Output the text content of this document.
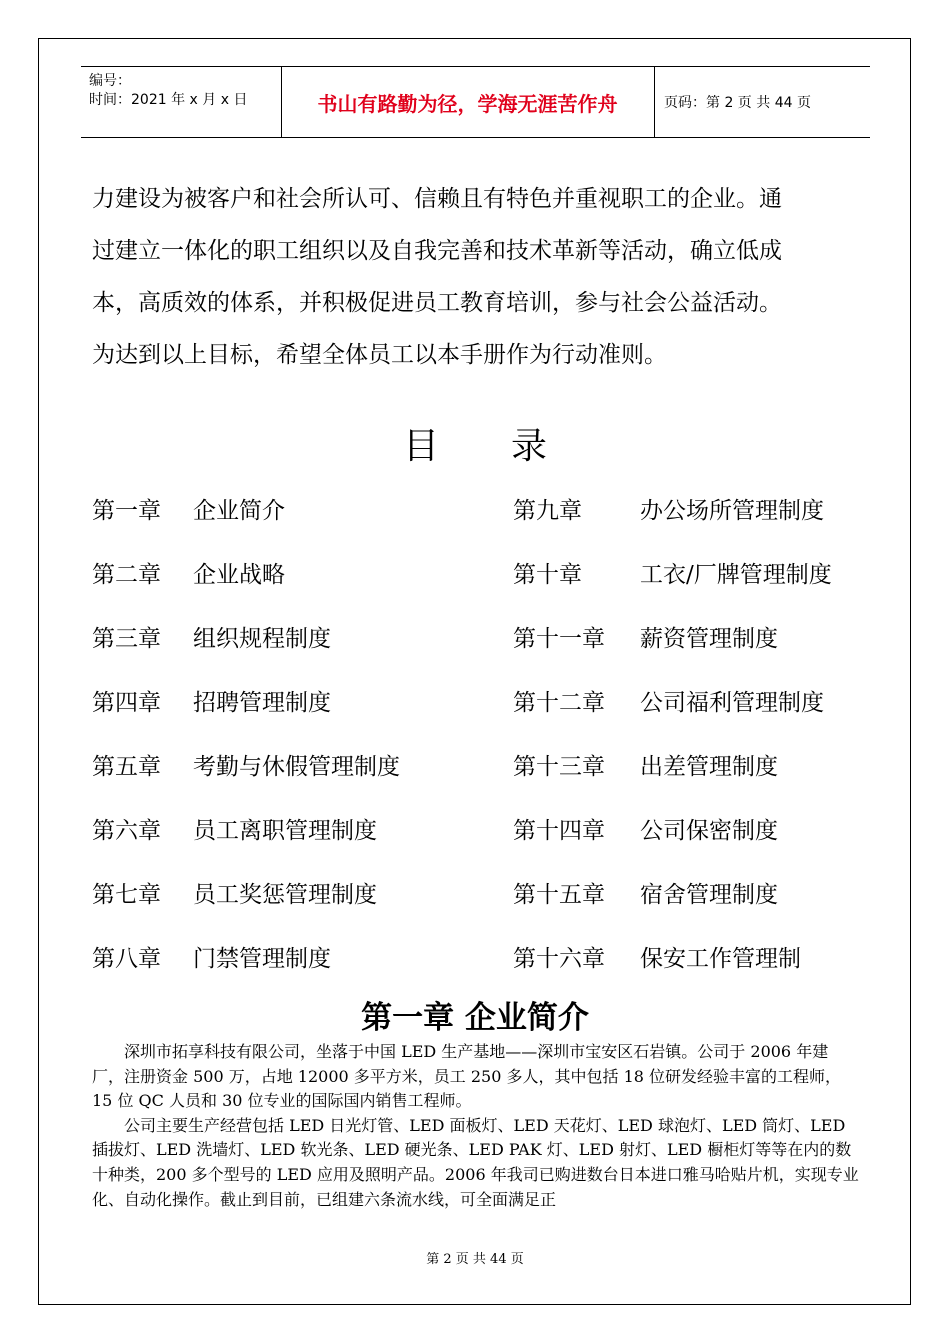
编号：
时间：2021 年 x 月 x 日	书山有路勤为径，学海无涯苦作舟	页码：第 2 页 共 44 页

力建设为被客户和社会所认可、信赖且有特色并重视职工的企业。通

过建立一体化的职工组织以及自我完善和技术革新等活动，确立低成

本，高质效的体系，并积极促进员工教育培训，参与社会公益活动。

为达到以上目标，希望全体员工以本手册作为行动准则。

目录
第一章 企业简介
第二章 企业战略
第三章 组织规程制度
第四章 招聘管理制度
第五章 考勤与休假管理制度
第六章 员工离职管理制度
第七章 员工奖惩管理制度
第八章 门禁管理制度
第九章	办公场所管理制度
第十章	工衣/厂牌管理制度
第十一章 薪资管理制度
第十二章 公司福利管理制度
第十三章 出差管理制度
第十四章 公司保密制度
第十五章 宿舍管理制度
第十六章 保安工作管理制
第一章 企业简介

深圳市拓享科技有限公司，坐落于中国 LED 生产基地——深圳市宝安区石岩镇。公司于 2006 年建厂，注册资金 500 万，占地 12000 多平方米，员工 250 多人，其中包括 18 位研发经验丰富的工程师，15 位 QC 人员和 30 位专业的国际国内销售工程师。

公司主要生产经营包括 LED 日光灯管、LED 面板灯、LED 天花灯、LED 球泡灯、LED 筒灯、LED 插拔灯、LED 洗墙灯、LED 软光条、LED 硬光条、LED PAK 灯、LED 射灯、LED 橱柜灯等等在内的数十种类，200 多个型号的 LED 应用及照明产品。2006 年我司已购进数台日本进口雅马哈贴片机，实现专业化、自动化操作。截止到目前，已组建六条流水线，可全面满足正

第 2 页 共 44 页
